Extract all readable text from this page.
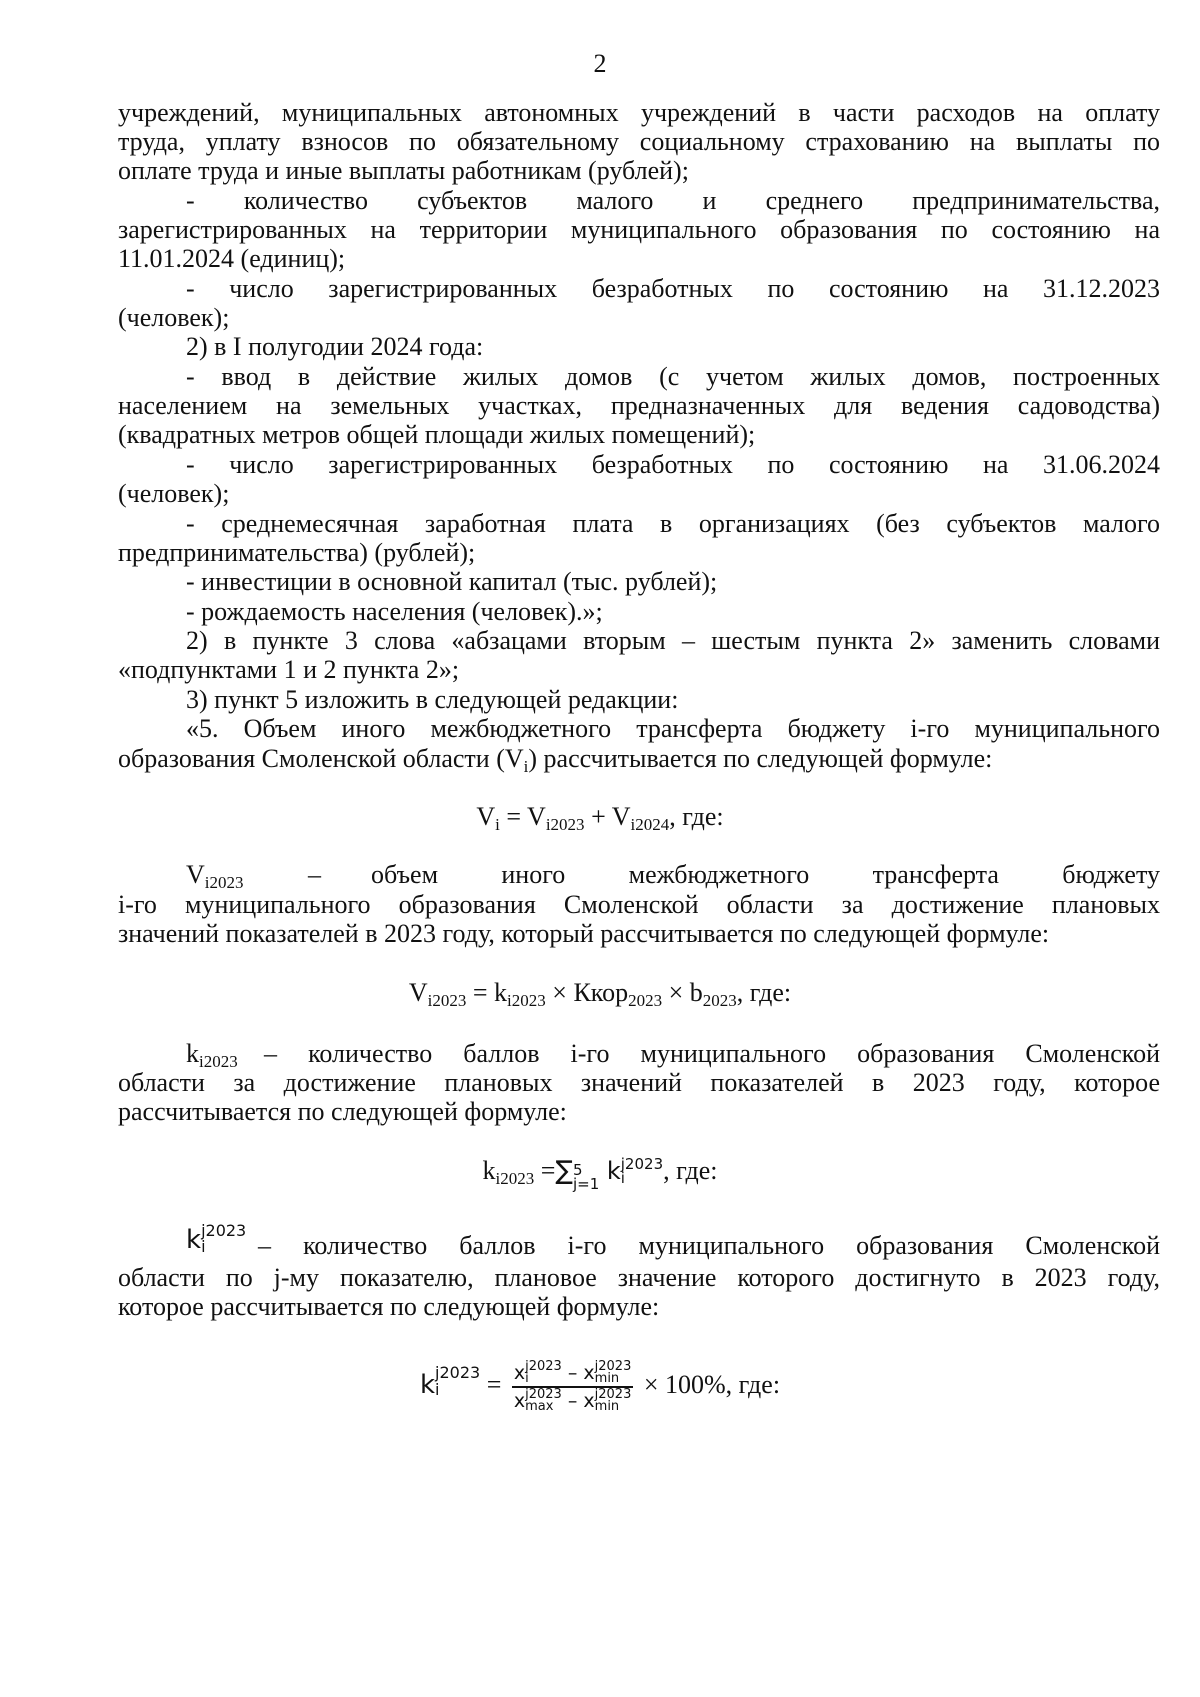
2
учреждений, муниципальных автономных учреждений в части расходов на оплату
труда, уплату взносов по обязательному социальному страхованию на выплаты по
оплате труда и иные выплаты работникам (рублей);
- количество субъектов малого и среднего предпринимательства,
зарегистрированных на территории муниципального образования по состоянию на
11.01.2024 (единиц);
- число зарегистрированных безработных по состоянию на 31.12.2023
(человек);
2) в I полугодии 2024 года:
- ввод в действие жилых домов (с учетом жилых домов, построенных
населением на земельных участках, предназначенных для ведения садоводства)
(квадратных метров общей площади жилых помещений);
- число зарегистрированных безработных по состоянию на 31.06.2024
(человек);
- среднемесячная заработная плата в организациях (без субъектов малого
предпринимательства) (рублей);
- инвестиции в основной капитал (тыс. рублей);
- рождаемость населения (человек).»;
2) в пункте 3 слова «абзацами вторым – шестым пункта 2» заменить словами
«подпунктами 1 и 2 пункта 2»;
3) пункт 5 изложить в следующей редакции:
«5. Объем иного межбюджетного трансферта бюджету i-го муниципального
образования Смоленской области $(V_i)$ рассчитывается по следующей формуле:
$V_i = V_{i2023} + V_{i2024}$, где:
$V_{i2023}$ – объем иного межбюджетного трансферта бюджету
i-го муниципального образования Смоленской области за достижение плановых
значений показателей в 2023 году, который рассчитывается по следующей формуле:
$V_{i2023} = k_{i2023}$ × Ккор$_{2023}$ × $b_{2023}$, где:
$k_{i2023}$ – количество баллов i-го муниципального образования Смоленской
области за достижение плановых значений показателей в 2023 году, которое
рассчитывается по следующей формуле:
$k_{i2023}$ =∑ 5
j=1 k j2023
i	, где:
k j2023
i	– количество баллов i-го муниципального образования Смоленской
области по j-му показателю, плановое значение которого достигнуто в 2023 году,
которое рассчитывается по следующей формуле:
k j2023
i	= x j2023
i	– x j2023
min
x j2023
max – x j2023
min × 100%, где:
